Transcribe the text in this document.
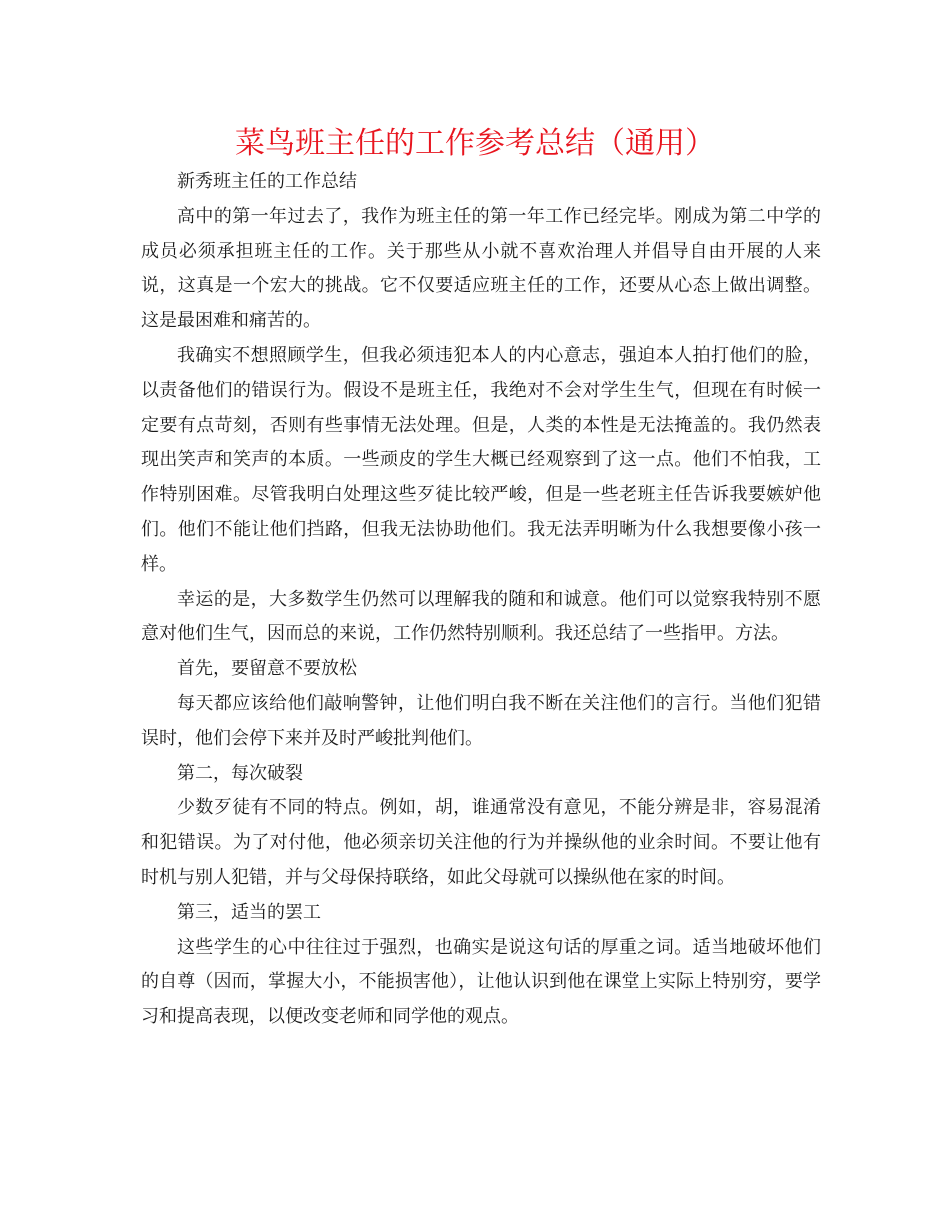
菜鸟班主任的工作参考总结（通用）

新秀班主任的工作总结

高中的第一年过去了，我作为班主任的第一年工作已经完毕。刚成为第二中学的成员必须承担班主任的工作。关于那些从小就不喜欢治理人并倡导自由开展的人来说，这真是一个宏大的挑战。它不仅要适应班主任的工作，还要从心态上做出调整。这是最困难和痛苦的。

我确实不想照顾学生，但我必须违犯本人的内心意志，强迫本人拍打他们的脸，以责备他们的错误行为。假设不是班主任，我绝对不会对学生生气，但现在有时候一定要有点苛刻，否则有些事情无法处理。但是，人类的本性是无法掩盖的。我仍然表现出笑声和笑声的本质。一些顽皮的学生大概已经观察到了这一点。他们不怕我，工作特别困难。尽管我明白处理这些歹徒比较严峻，但是一些老班主任告诉我要嫉妒他们。他们不能让他们挡路，但我无法协助他们。我无法弄明晰为什么我想要像小孩一样。

幸运的是，大多数学生仍然可以理解我的随和和诚意。他们可以觉察我特别不愿意对他们生气，因而总的来说，工作仍然特别顺利。我还总结了一些指甲。方法。

首先，要留意不要放松

每天都应该给他们敲响警钟，让他们明白我不断在关注他们的言行。当他们犯错误时，他们会停下来并及时严峻批判他们。

第二，每次破裂

少数歹徒有不同的特点。例如，胡，谁通常没有意见，不能分辨是非，容易混淆和犯错误。为了对付他，他必须亲切关注他的行为并操纵他的业余时间。不要让他有时机与别人犯错，并与父母保持联络，如此父母就可以操纵他在家的时间。

第三，适当的罢工

这些学生的心中往往过于强烈，也确实是说这句话的厚重之词。适当地破坏他们的自尊（因而，掌握大小，不能损害他），让他认识到他在课堂上实际上特别穷，要学习和提高表现，以便改变老师和同学他的观点。
